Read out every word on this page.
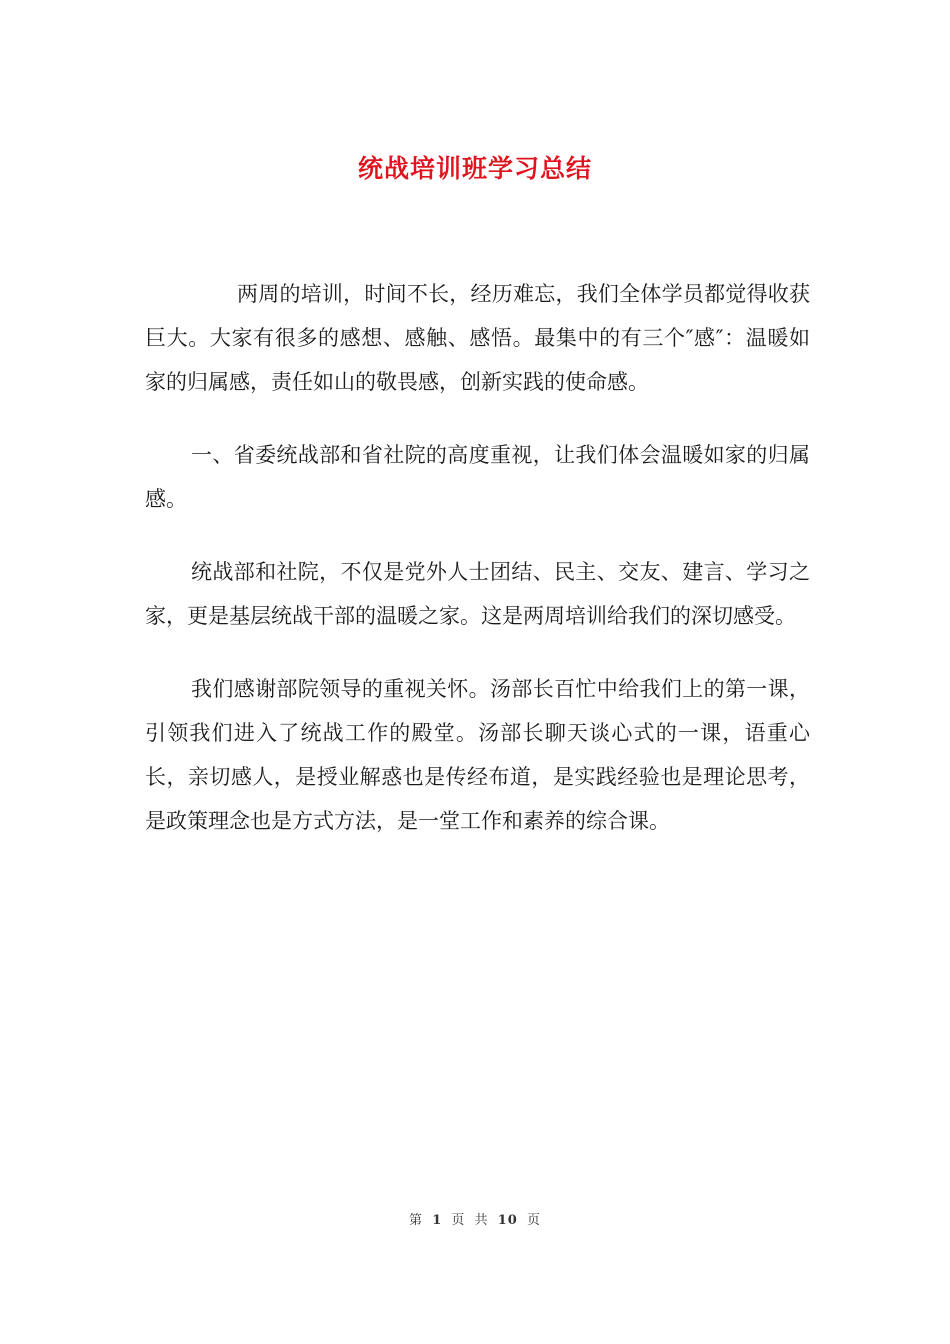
统战培训班学习总结

两周的培训，时间不长，经历难忘，我们全体学员都觉得收获巨大。大家有很多的感想、感触、感悟。最集中的有三个″感″：温暖如家的归属感，责任如山的敬畏感，创新实践的使命感。

一、省委统战部和省社院的高度重视，让我们体会温暖如家的归属感。

统战部和社院，不仅是党外人士团结、民主、交友、建言、学习之家，更是基层统战干部的温暖之家。这是两周培训给我们的深切感受。

我们感谢部院领导的重视关怀。汤部长百忙中给我们上的第一课，引领我们进入了统战工作的殿堂。汤部长聊天谈心式的一课，语重心长，亲切感人，是授业解惑也是传经布道，是实践经验也是理论思考，是政策理念也是方式方法，是一堂工作和素养的综合课。

第 1 页 共 10 页
